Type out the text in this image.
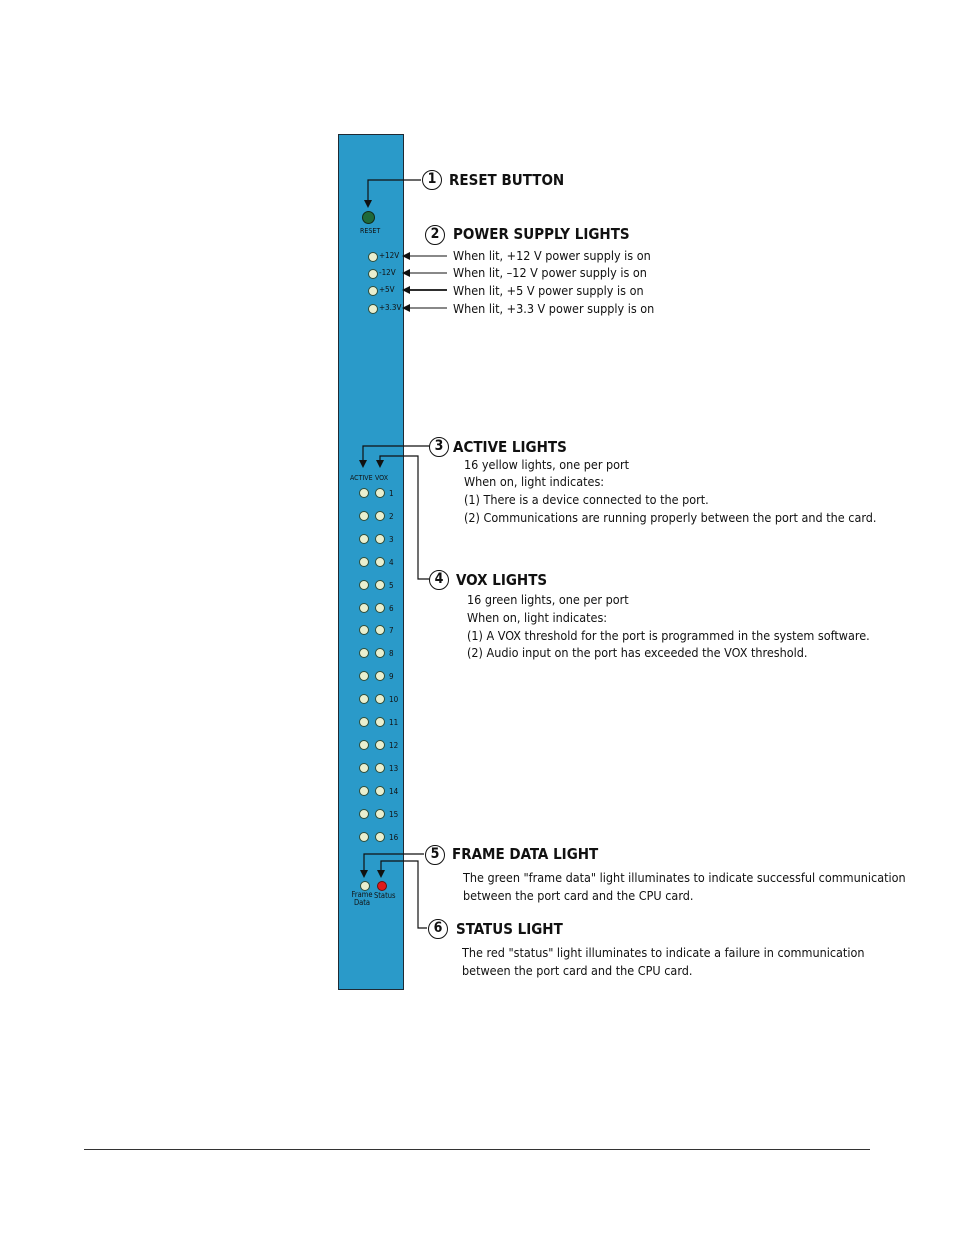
RESET
+12V
-12V
+5V
+3.3V
ACTIVE VOX
1
2
3
4
5
6
7
8
9
10
11
12
13
14
15
16
Frame Data
Status
1 RESET BUTTON
2 POWER SUPPLY LIGHTS
When lit, +12 V power supply is on
When lit, –12 V power supply is on
When lit, +5 V power supply is on
When lit, +3.3 V power supply is on
3 ACTIVE LIGHTS
16 yellow lights, one per port
When on, light indicates:
(1) There is a device connected to the port.
(2) Communications are running properly between the port and the card.
4 VOX LIGHTS
16 green lights, one per port
When on, light indicates:
(1) A VOX threshold for the port is programmed in the system software.
(2) Audio input on the port has exceeded the VOX threshold.
5 FRAME DATA LIGHT
The green "frame data" light illuminates to indicate successful communication
between the port card and the CPU card.
6 STATUS LIGHT
The red "status" light illuminates to indicate a failure in communication
between the port card and the CPU card.
